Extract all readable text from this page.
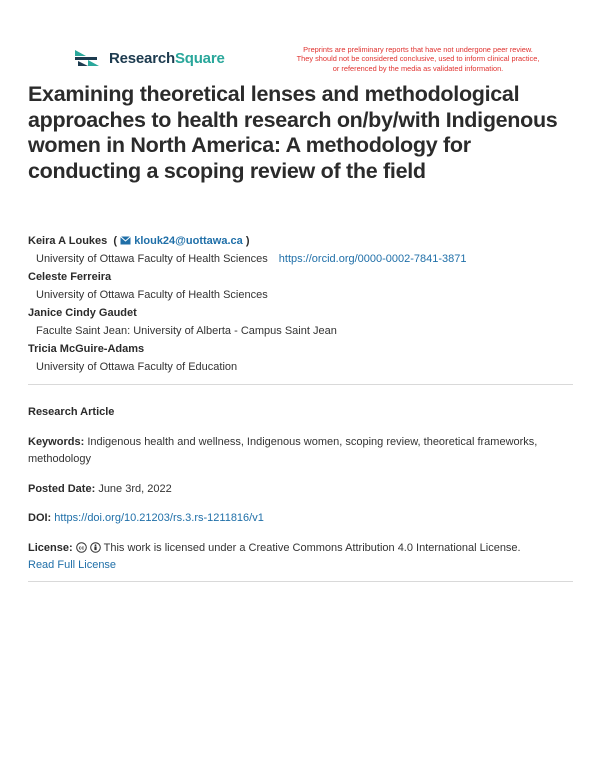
ResearchSquare	Preprints are preliminary reports that have not undergone peer review.
They should not be considered conclusive, used to inform clinical practice,
or referenced by the media as validated information.
Examining theoretical lenses and methodological approaches to health research on/by/with Indigenous women in North America: A methodology for conducting a scoping review of the field
Keira A Loukes  ( klouk24@uottawa.ca )
University of Ottawa Faculty of Health Sciences https://orcid.org/0000-0002-7841-3871
Celeste Ferreira
University of Ottawa Faculty of Health Sciences
Janice Cindy Gaudet
Faculte Saint Jean: University of Alberta - Campus Saint Jean
Tricia McGuire-Adams
University of Ottawa Faculty of Education
Research Article
Keywords: Indigenous health and wellness, Indigenous women, scoping review, theoretical frameworks, methodology
Posted Date: June 3rd, 2022
DOI: https://doi.org/10.21203/rs.3.rs-1211816/v1
License: cc This work is licensed under a Creative Commons Attribution 4.0 International License.
Read Full License
